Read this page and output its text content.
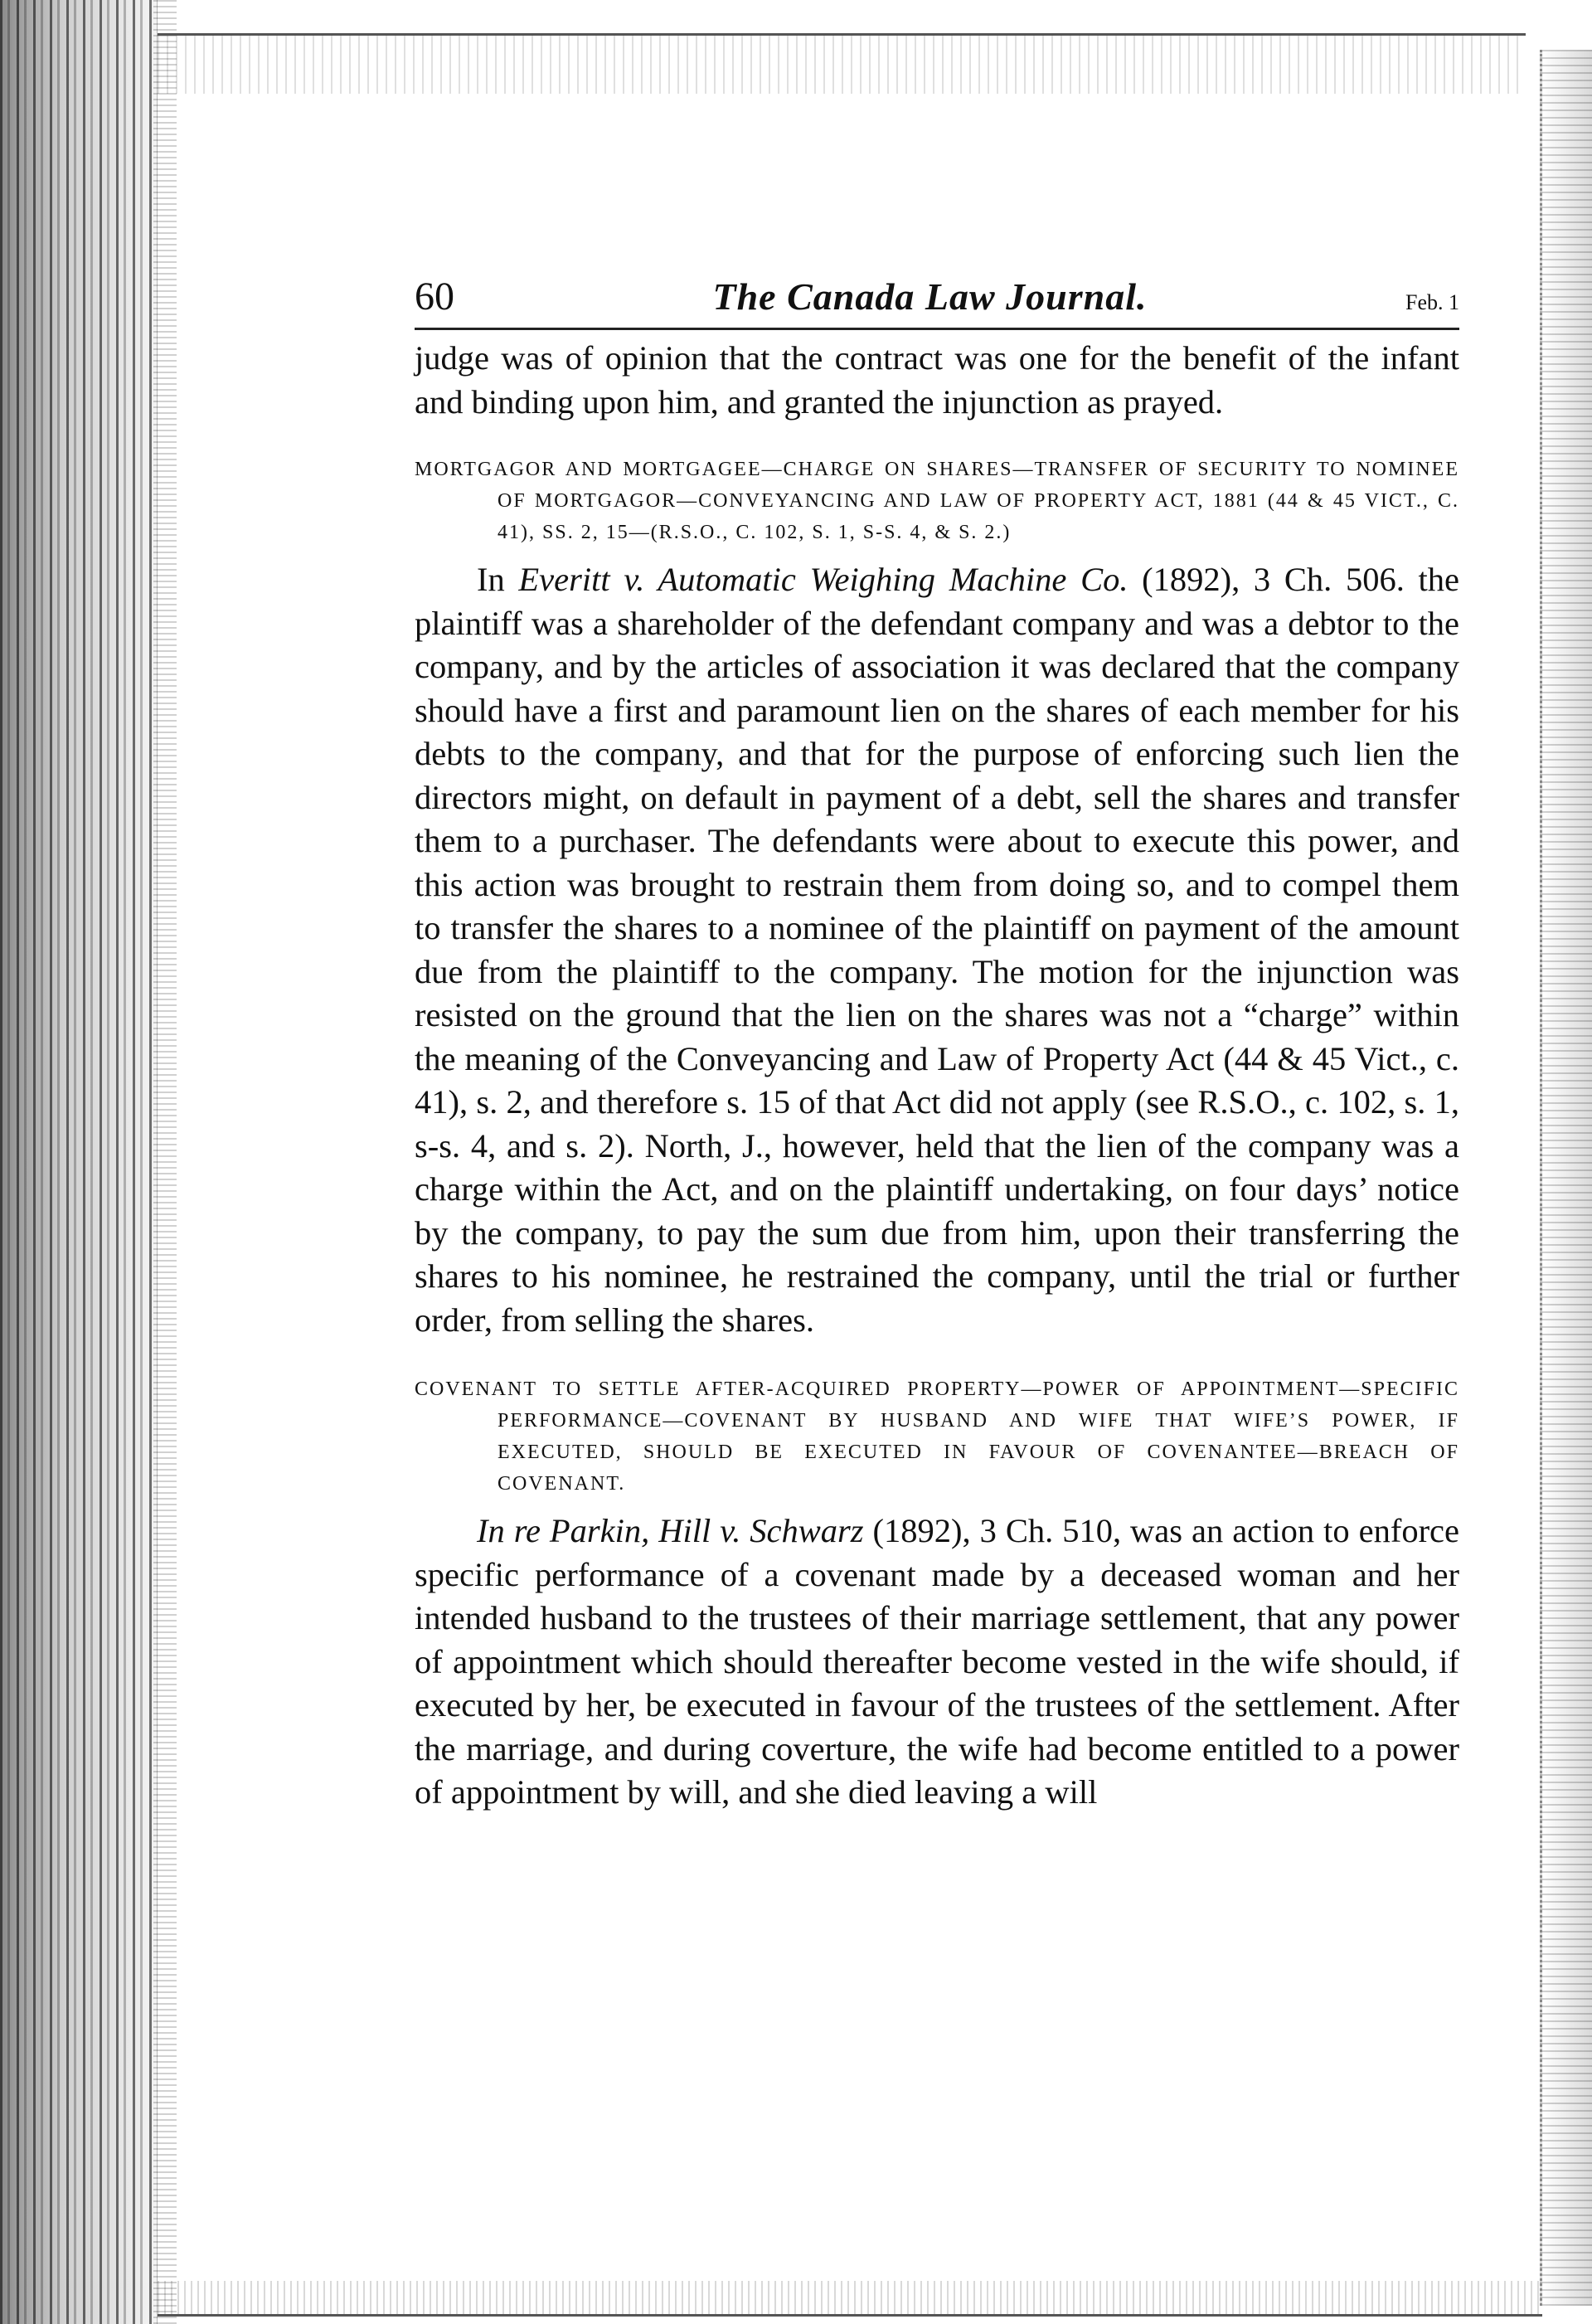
60	The Canada Law Journal.	Feb. 1

judge was of opinion that the contract was one for the benefit of the infant and binding upon him, and granted the injunction as prayed.

MORTGAGOR AND MORTGAGEE—CHARGE ON SHARES—TRANSFER OF SECURITY TO NOMINEE OF MORTGAGOR—CONVEYANCING AND LAW OF PROPERTY ACT, 1881 (44 & 45 VICT., C. 41), SS. 2, 15—(R.S.O., C. 102, S. 1, S-S. 4, & S. 2.)

In Everitt v. Automatic Weighing Machine Co. (1892), 3 Ch. 506. the plaintiff was a shareholder of the defendant company and was a debtor to the company, and by the articles of association it was declared that the company should have a first and paramount lien on the shares of each member for his debts to the company, and that for the purpose of enforcing such lien the directors might, on default in payment of a debt, sell the shares and transfer them to a purchaser. The defendants were about to execute this power, and this action was brought to restrain them from doing so, and to compel them to transfer the shares to a nominee of the plaintiff on payment of the amount due from the plaintiff to the company. The motion for the injunction was resisted on the ground that the lien on the shares was not a “charge” within the meaning of the Conveyancing and Law of Property Act (44 & 45 Vict., c. 41), s. 2, and therefore s. 15 of that Act did not apply (see R.S.O., c. 102, s. 1, s-s. 4, and s. 2). North, J., however, held that the lien of the company was a charge within the Act, and on the plaintiff undertaking, on four days’ notice by the company, to pay the sum due from him, upon their transferring the shares to his nominee, he restrained the company, until the trial or further order, from selling the shares.

COVENANT TO SETTLE AFTER-ACQUIRED PROPERTY—POWER OF APPOINTMENT—SPECIFIC PERFORMANCE—COVENANT BY HUSBAND AND WIFE THAT WIFE’S POWER, IF EXECUTED, SHOULD BE EXECUTED IN FAVOUR OF COVENANTEE—BREACH OF COVENANT.

In re Parkin, Hill v. Schwarz (1892), 3 Ch. 510, was an action to enforce specific performance of a covenant made by a deceased woman and her intended husband to the trustees of their marriage settlement, that any power of appointment which should thereafter become vested in the wife should, if executed by her, be executed in favour of the trustees of the settlement. After the marriage, and during coverture, the wife had become entitled to a power of appointment by will, and she died leaving a will
